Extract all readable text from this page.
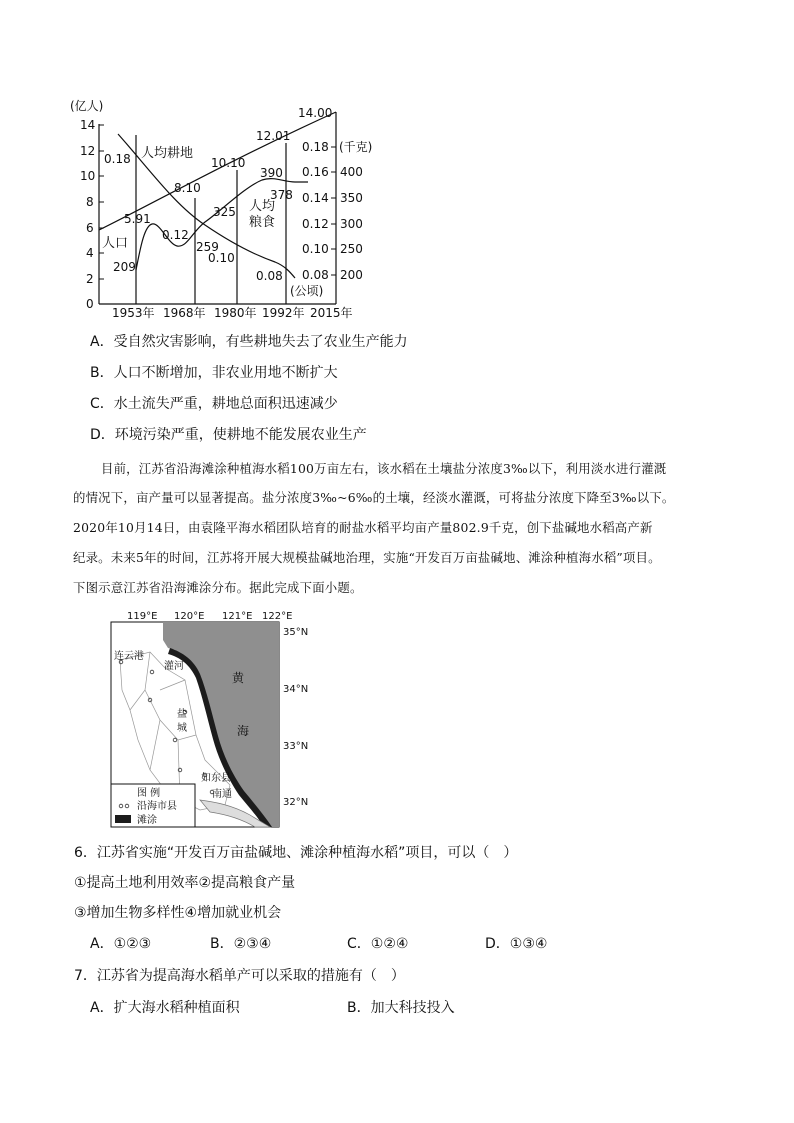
(亿人)
14
12
10
8
6
4
2
0
(千克)
0.18
0.16
0.14
0.12
0.10
0.08
400
350
300
250
200
(公顷)
14.00
12.01
10.10
8.10
5.91
0.18
0.12
0.10
0.08
390
378
325
259
209
人均耕地
人口
人均
粮食
1953年 1968年 1980年 1992年 2015年
A．受自然灾害影响，有些耕地失去了农业生产能力
B．人口不断增加，非农业用地不断扩大
C．水土流失严重，耕地总面积迅速减少
D．环境污染严重，使耕地不能发展农业生产
目前，江苏省沿海滩涂种植海水稻100万亩左右，该水稻在土壤盐分浓度3‰以下，利用淡水进行灌溉
的情况下，亩产量可以显著提高。盐分浓度3‰~6‰的土壤，经淡水灌溉，可将盐分浓度下降至3‰以下。
2020年10月14日，由袁隆平海水稻团队培育的耐盐水稻平均亩产量802.9千克，创下盐碱地水稻高产新
纪录。未来5年的时间，江苏将开展大规模盐碱地治理，实施“开发百万亩盐碱地、滩涂种植海水稻”项目。
下图示意江苏省沿海滩涂分布。据此完成下面小题。
119°E 120°E 121°E 122°E
35°N
34°N
33°N
32°N
黄
海
连云港
灌河
盐
城
如东县
南通
图 例
沿海市县
滩涂
6．江苏省实施“开发百万亩盐碱地、滩涂种植海水稻”项目，可以（　）
①提高土地利用效率②提高粮食产量
③增加生物多样性④增加就业机会
A．①②③	B．②③④	C．①②④	D．①③④
7．江苏省为提高海水稻单产可以采取的措施有（　）
A．扩大海水稻种植面积	B．加大科技投入
